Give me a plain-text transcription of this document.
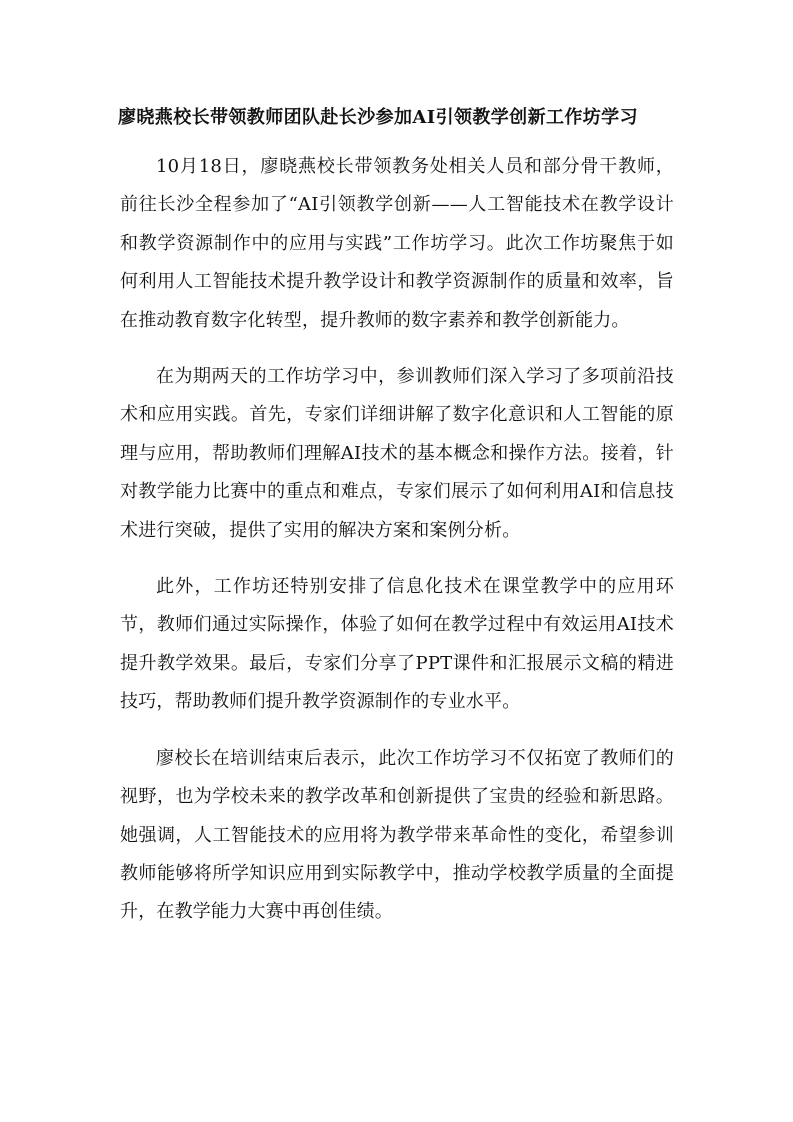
廖晓燕校长带领教师团队赴长沙参加AI引领教学创新工作坊学习

10月18日，廖晓燕校长带领教务处相关人员和部分骨干教师，前往长沙全程参加了“AI引领教学创新——人工智能技术在教学设计和教学资源制作中的应用与实践”工作坊学习。此次工作坊聚焦于如何利用人工智能技术提升教学设计和教学资源制作的质量和效率，旨在推动教育数字化转型，提升教师的数字素养和教学创新能力。

在为期两天的工作坊学习中，参训教师们深入学习了多项前沿技术和应用实践。首先，专家们详细讲解了数字化意识和人工智能的原理与应用，帮助教师们理解AI技术的基本概念和操作方法。接着，针对教学能力比赛中的重点和难点，专家们展示了如何利用AI和信息技术进行突破，提供了实用的解决方案和案例分析。

此外，工作坊还特别安排了信息化技术在课堂教学中的应用环节，教师们通过实际操作，体验了如何在教学过程中有效运用AI技术提升教学效果。最后，专家们分享了PPT课件和汇报展示文稿的精进技巧，帮助教师们提升教学资源制作的专业水平。

廖校长在培训结束后表示，此次工作坊学习不仅拓宽了教师们的视野，也为学校未来的教学改革和创新提供了宝贵的经验和新思路。她强调，人工智能技术的应用将为教学带来革命性的变化，希望参训教师能够将所学知识应用到实际教学中，推动学校教学质量的全面提升，在教学能力大赛中再创佳绩。
